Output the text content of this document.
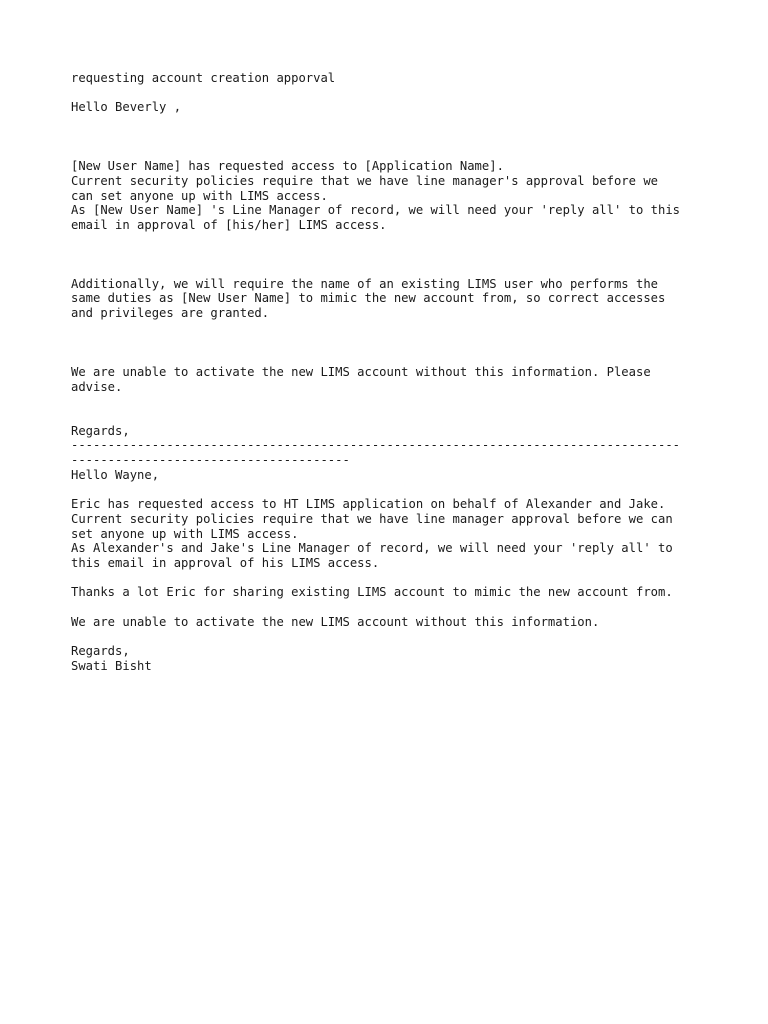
requesting account creation apporval
Hello Beverly ,
[New User Name] has requested access to [Application Name].
Current security policies require that we have line manager's approval before we
can set anyone up with LIMS access.
As [New User Name] 's Line Manager of record, we will need your 'reply all' to this
email in approval of [his/her] LIMS access.
Additionally, we will require the name of an existing LIMS user who performs the
same duties as [New User Name] to mimic the new account from, so correct accesses
and privileges are granted.
We are unable to activate the new LIMS account without this information. Please
advise.
Regards,
-----------------------------------------------------------------------------------
--------------------------------------
Hello Wayne,
Eric has requested access to HT LIMS application on behalf of Alexander and Jake.
Current security policies require that we have line manager approval before we can
set anyone up with LIMS access.
As Alexander's and Jake's Line Manager of record, we will need your 'reply all' to
this email in approval of his LIMS access.
Thanks a lot Eric for sharing existing LIMS account to mimic the new account from.
We are unable to activate the new LIMS account without this information.
Regards,
Swati Bisht
